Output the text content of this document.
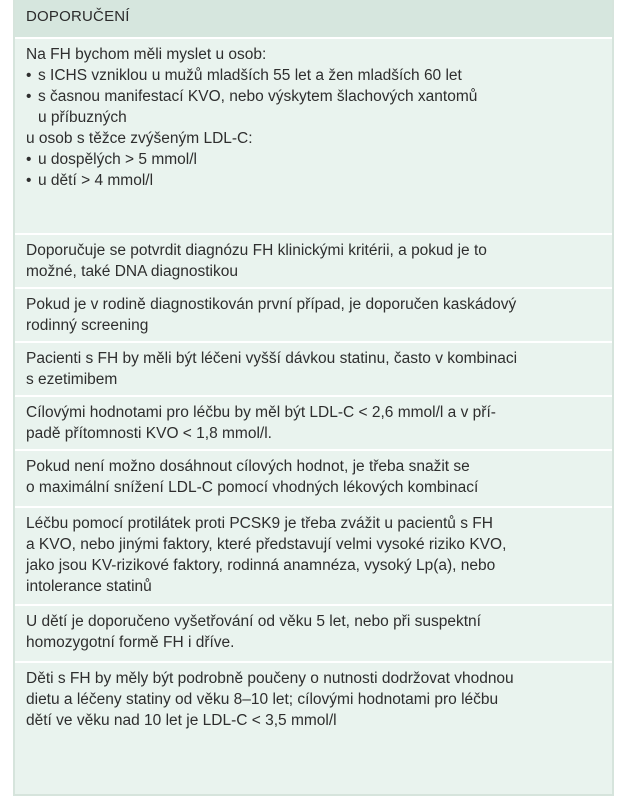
DOPORUČENÍ
Na FH bychom měli myslet u osob:
• s ICHS vzniklou u mužů mladších 55 let a žen mladších 60 let
• s časnou manifestací KVO, nebo výskytem šlachových xantomů
u příbuzných
u osob s těžce zvýšeným LDL-C:
• u dospělých > 5 mmol/l
• u dětí > 4 mmol/l
Doporučuje se potvrdit diagnózu FH klinickými kritérii, a pokud je to
možné, také DNA diagnostikou
Pokud je v rodině diagnostikován první případ, je doporučen kaskádový
rodinný screening
Pacienti s FH by měli být léčeni vyšší dávkou statinu, často v kombinaci
s ezetimibem
Cílovými hodnotami pro léčbu by měl být LDL-C < 2,6 mmol/l a v pří-
padě přítomnosti KVO < 1,8 mmol/l.
Pokud není možno dosáhnout cílových hodnot, je třeba snažit se
o maximální snížení LDL-C pomocí vhodných lékových kombinací
Léčbu pomocí protilátek proti PCSK9 je třeba zvážit u pacientů s FH
a KVO, nebo jinými faktory, které představují velmi vysoké riziko KVO,
jako jsou KV-rizikové faktory, rodinná anamnéza, vysoký Lp(a), nebo
intolerance statinů
U dětí je doporučeno vyšetřování od věku 5 let, nebo při suspektní
homozygotní formě FH i dříve.
Děti s FH by měly být podrobně poučeny o nutnosti dodržovat vhodnou
dietu a léčeny statiny od věku 8–10 let; cílovými hodnotami pro léčbu
dětí ve věku nad 10 let je LDL-C < 3,5 mmol/l
